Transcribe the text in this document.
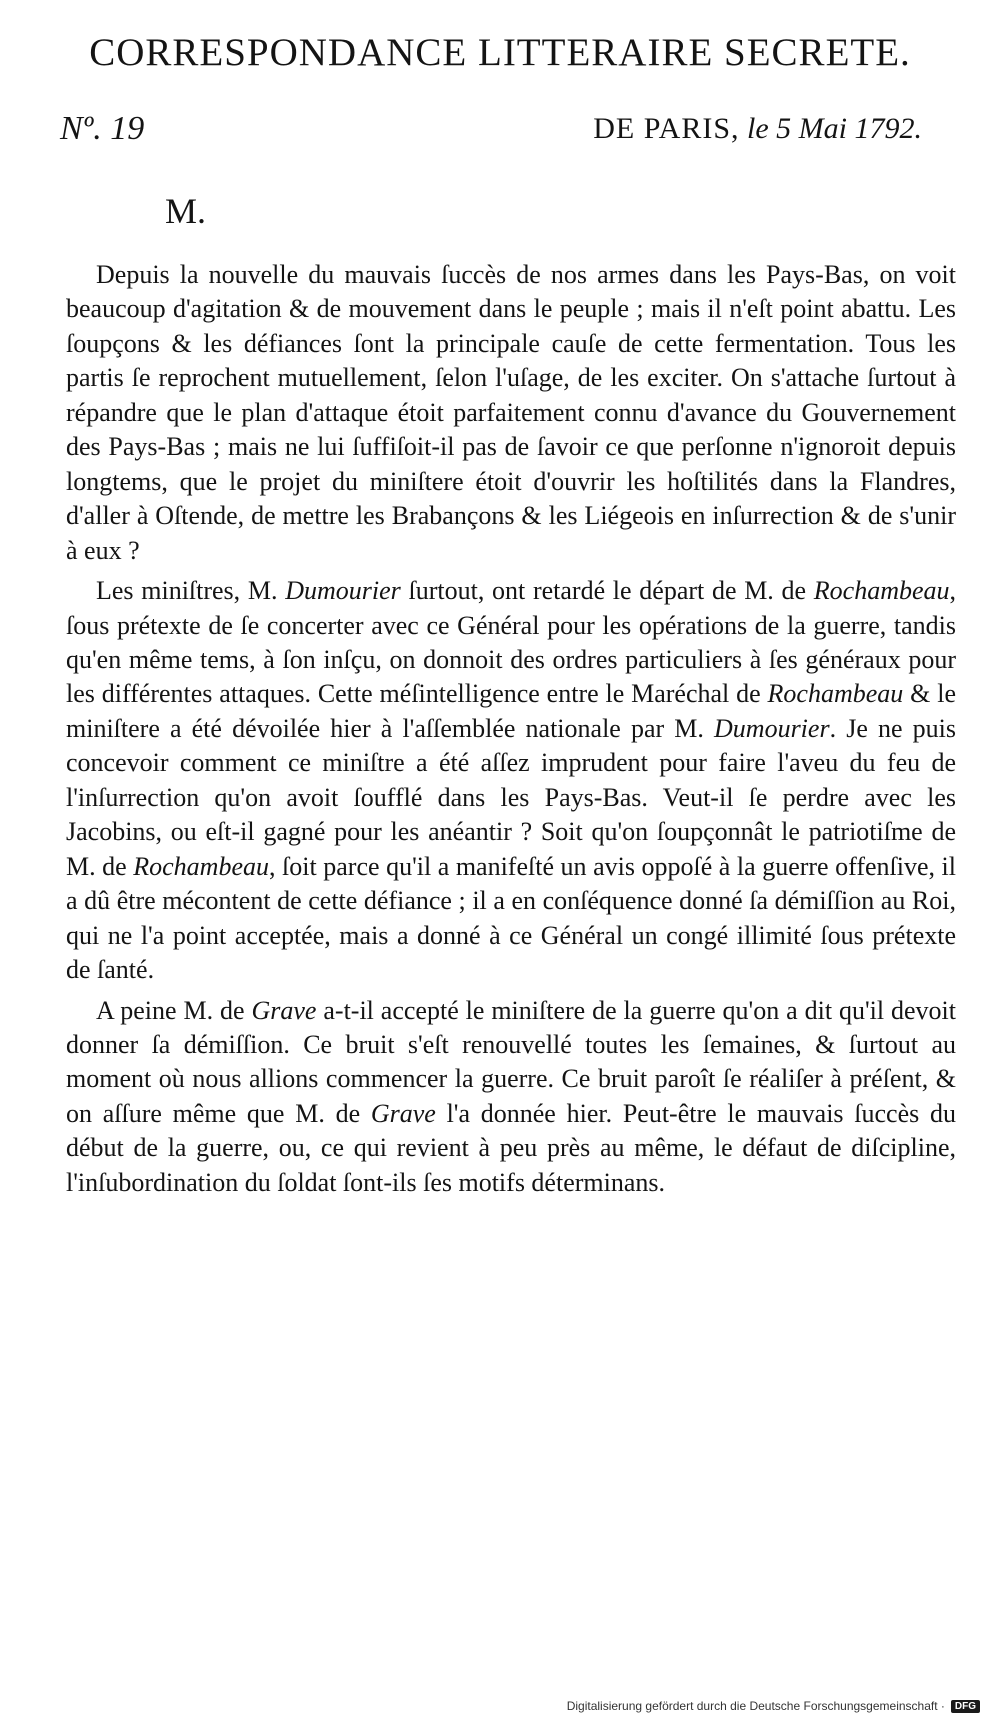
CORRESPONDANCE LITTERAIRE SECRETE.
Nº. 19	DE PARIS, le 5 Mai 1792.
M.

Depuis la nouvelle du mauvais ſuccès de nos armes dans les Pays-Bas, on voit beaucoup d'agitation & de mouvement dans le peuple ; mais il n'eſt point abattu. Les ſoupçons & les défiances ſont la principale cauſe de cette fermentation. Tous les partis ſe reprochent mutuellement, ſelon l'uſage, de les exciter. On s'attache ſurtout à répandre que le plan d'attaque étoit parfaitement connu d'avance du Gouvernement des Pays-Bas ; mais ne lui ſuffiſoit-il pas de ſavoir ce que perſonne n'ignoroit depuis longtems, que le projet du miniſtere étoit d'ouvrir les hoſtilités dans la Flandres, d'aller à Oſtende, de mettre les Brabançons & les Liégeois en inſurrection & de s'unir à eux ?

Les miniſtres, M. Dumourier ſurtout, ont retardé le départ de M. de Rochambeau, ſous prétexte de ſe concerter avec ce Général pour les opérations de la guerre, tandis qu'en même tems, à ſon inſçu, on donnoit des ordres particuliers à ſes généraux pour les différentes attaques. Cette méſintelligence entre le Maréchal de Rochambeau & le miniſtere a été dévoilée hier à l'aſſemblée nationale par M. Dumourier. Je ne puis concevoir comment ce miniſtre a été aſſez imprudent pour faire l'aveu du feu de l'inſurrection qu'on avoit ſoufflé dans les Pays-Bas. Veut-il ſe perdre avec les Jacobins, ou eſt-il gagné pour les anéantir ? Soit qu'on ſoupçonnât le patriotiſme de M. de Rochambeau, ſoit parce qu'il a manifeſté un avis oppoſé à la guerre offenſive, il a dû être mécontent de cette défiance ; il a en conſéquence donné ſa démiſſion au Roi, qui ne l'a point acceptée, mais a donné à ce Général un congé illimité ſous prétexte de ſanté.

A peine M. de Grave a-t-il accepté le miniſtere de la guerre qu'on a dit qu'il devoit donner ſa démiſſion. Ce bruit s'eſt renouvellé toutes les ſemaines, & ſurtout au moment où nous allions commencer la guerre. Ce bruit paroît ſe réaliſer à préſent, & on aſſure même que M. de Grave l'a donnée hier. Peut-être le mauvais ſuccès du début de la guerre, ou, ce qui revient à peu près au même, le défaut de diſcipline, l'inſubordination du ſoldat ſont-ils ſes motifs déterminans.

Digitalisierung gefördert durch die Deutsche Forschungsgemeinschaft ·	DFG
